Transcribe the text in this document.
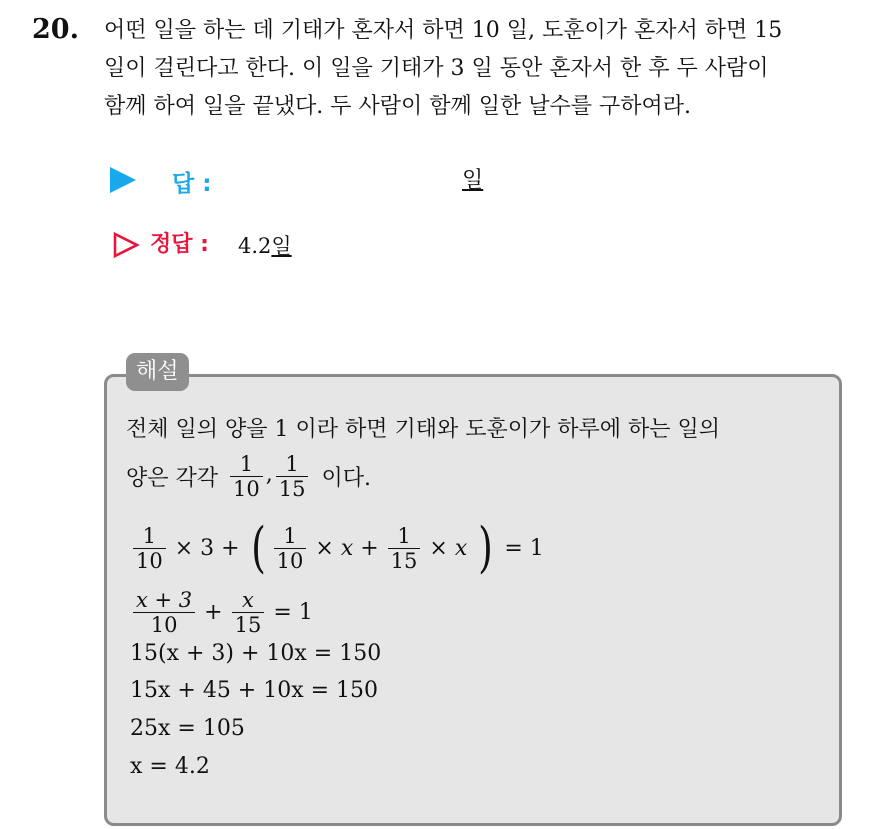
20. 어떤 일을 하는 데 기태가 혼자서 하면 10 일, 도훈이가 혼자서 하면 15
일이 걸린다고 한다. 이 일을 기태가 3 일 동안 혼자서 한 후 두 사람이
함께 하여 일을 끝냈다. 두 사람이 함께 일한 날수를 구하여라.
답 :	일
정답 : 4.2일
해설
전체 일의 양을 1 이라 하면 기태와 도훈이가 하루에 하는 일의
양은 각각 $\frac{1}{10}$ , $\frac{1}{15}$ 이다.
$\frac{1}{10} \times 3$ + ( $\frac{1}{10} \times x + \frac{1}{15} \times x$ ) = 1
$\frac{x + 3}{10} + \frac{x}{15} = 1$
15(x + 3) + 10x = 150
15x + 45 + 10x = 150
25x = 105
x = 4.2
